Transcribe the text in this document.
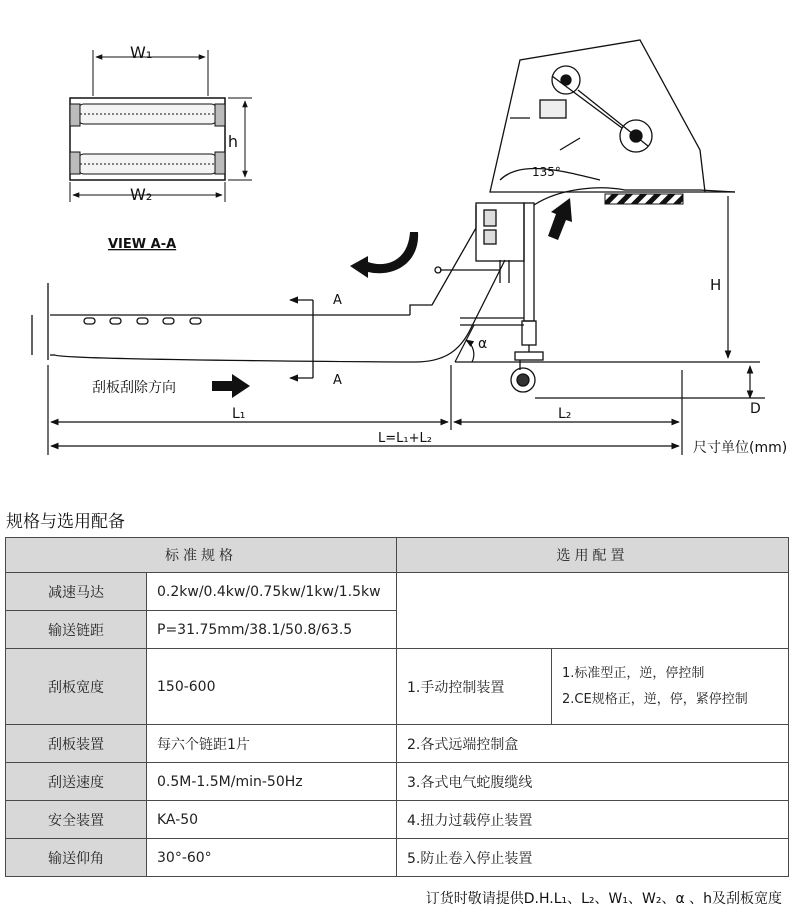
W₁
W₂
h
VIEW A-A
A
A
135°
刮板刮除方向
α
H
D
L₁	L₂
L=L₁+L₂
尺寸单位(mm)
规格与选用配备
标准规格		选用配置	
减速马达	0.2kw/0.4kw/0.75kw/1kw/1.5kw		
输送链距	P=31.75mm/38.1/50.8/63.5		
刮板宽度	150-600	1.手动控制装置	1.标准型正，逆，停控制
2.CE规格正，逆，停，紧停控制

刮板装置	每六个链距1片	2.各式远端控制盒	
刮送速度	0.5M-1.5M/min-50Hz	3.各式电气蛇腹缆线	
安全装置	KA-50	4.扭力过载停止装置	
输送仰角	30°-60°	5.防止卷入停止装置	
订货时敬请提供D.H.L₁、L₂、W₁、W₂、α 、h及刮板宽度
